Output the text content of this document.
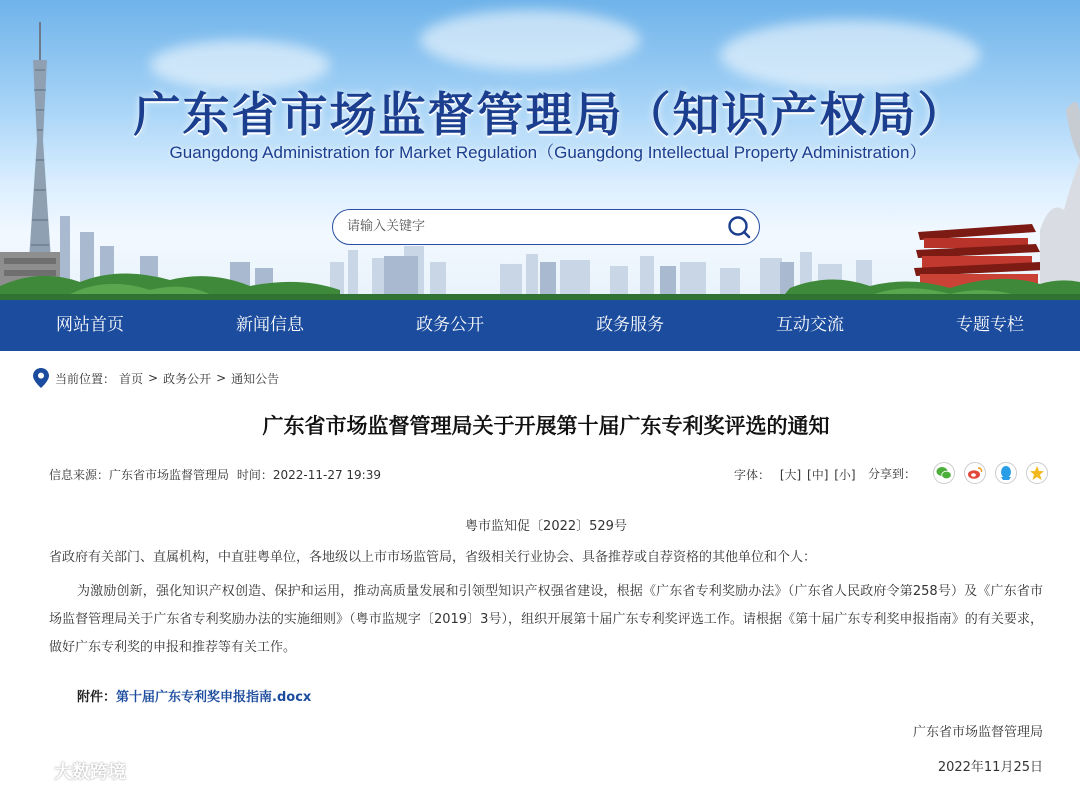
广东省市场监督管理局（知识产权局）
Guangdong Administration for Market Regulation（Guangdong Intellectual Property Administration）
请输入关键字
网站首页	新闻信息	政务公开	政务服务	互动交流	专题专栏
当前位置： 首页 > 政务公开 > 通知公告
广东省市场监督管理局关于开展第十届广东专利奖评选的通知
信息来源：广东省市场监督管理局 时间：2022-11-27 19:39	字体： [大] [中] [小]	分享到：
粤市监知促〔2022〕529号
省政府有关部门、直属机构，中直驻粤单位，各地级以上市市场监管局，省级相关行业协会、具备推荐或自荐资格的其他单位和个人：
为激励创新，强化知识产权创造、保护和运用，推动高质量发展和引领型知识产权强省建设，根据《广东省专利奖励办法》（广东省人民政府令第258号）及《广东省市场监督管理局关于广东省专利奖励办法的实施细则》（粤市监规字〔2019〕3号），组织开展第十届广东专利奖评选工作。请根据《第十届广东专利奖申报指南》的有关要求，做好广东专利奖的申报和推荐等有关工作。
附件：第十届广东专利奖申报指南.docx
广东省市场监督管理局
2022年11月25日
大数跨境
